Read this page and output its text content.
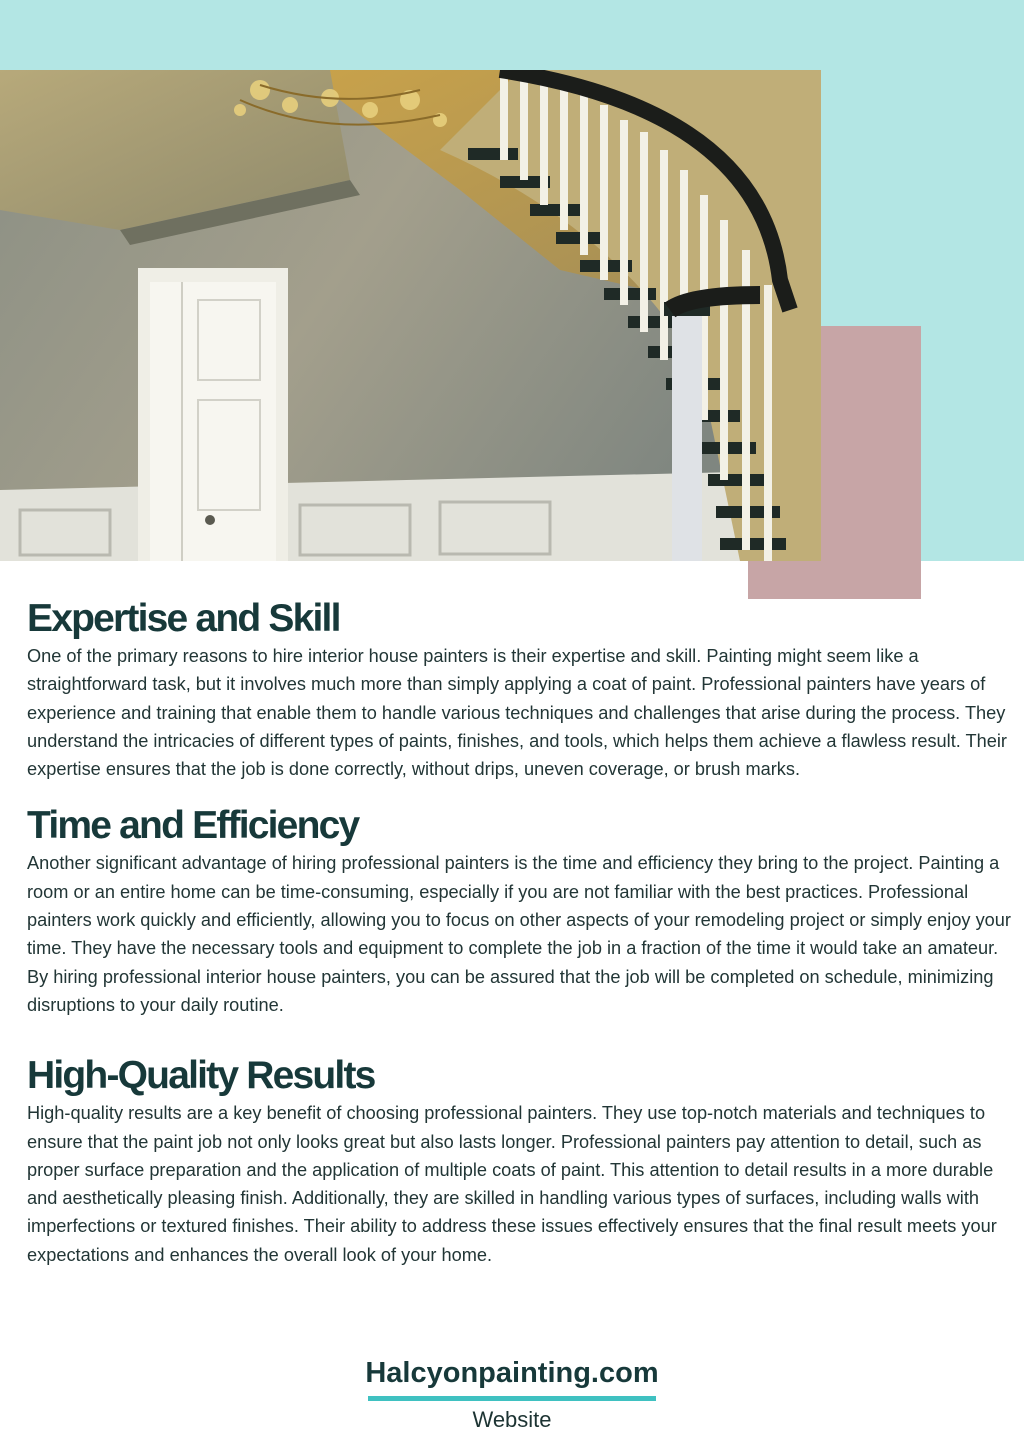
Expertise and Skill

One of the primary reasons to hire interior house painters is their expertise and skill. Painting might seem like a straightforward task, but it involves much more than simply applying a coat of paint. Professional painters have years of experience and training that enable them to handle various techniques and challenges that arise during the process. They understand the intricacies of different types of paints, finishes, and tools, which helps them achieve a flawless result. Their expertise ensures that the job is done correctly, without drips, uneven coverage, or brush marks.

Time and Efficiency

Another significant advantage of hiring professional painters is the time and efficiency they bring to the project. Painting a room or an entire home can be time-consuming, especially if you are not familiar with the best practices. Professional painters work quickly and efficiently, allowing you to focus on other aspects of your remodeling project or simply enjoy your time. They have the necessary tools and equipment to complete the job in a fraction of the time it would take an amateur. By hiring professional interior house painters, you can be assured that the job will be completed on schedule, minimizing disruptions to your daily routine.

High-Quality Results

High-quality results are a key benefit of choosing professional painters. They use top-notch materials and techniques to ensure that the paint job not only looks great but also lasts longer. Professional painters pay attention to detail, such as proper surface preparation and the application of multiple coats of paint. This attention to detail results in a more durable and aesthetically pleasing finish. Additionally, they are skilled in handling various types of surfaces, including walls with imperfections or textured finishes. Their ability to address these issues effectively ensures that the final result meets your expectations and enhances the overall look of your home.

Halcyonpainting.com
Website
